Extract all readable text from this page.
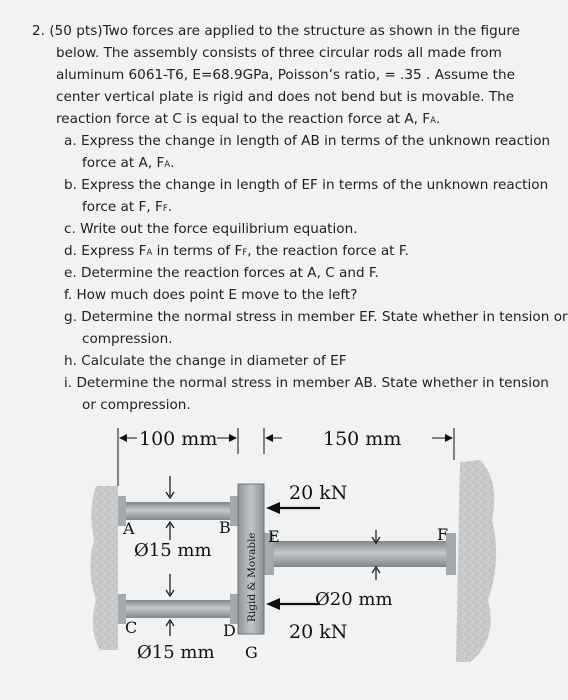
2. (50 pts)Two forces are applied to the structure as shown in the figure
below. The assembly consists of three circular rods all made from
aluminum 6061-T6, E=68.9GPa, Poisson’s ratio, = .35 . Assume the
center vertical plate is rigid and does not bend but is movable. The
reaction force at C is equal to the reaction force at A, FA.
a. Express the change in length of AB in terms of the unknown reaction
force at A, FA.
b. Express the change in length of EF in terms of the unknown reaction
force at F, FF.
c. Write out the force equilibrium equation.
d. Express FA in terms of FF, the reaction force at F.
e. Determine the reaction forces at A, C and F.
f. How much does point E move to the left?
g. Determine the normal stress in member EF. State whether in tension or
compression.
h. Calculate the change in diameter of EF
i. Determine the normal stress in member AB. State whether in tension
or compression.
100 mm	150 mm
Rigid & Movable
20 kN
20 kN
A	B
C	D
E	F
G
Ø15 mm
Ø20 mm
Ø15 mm
